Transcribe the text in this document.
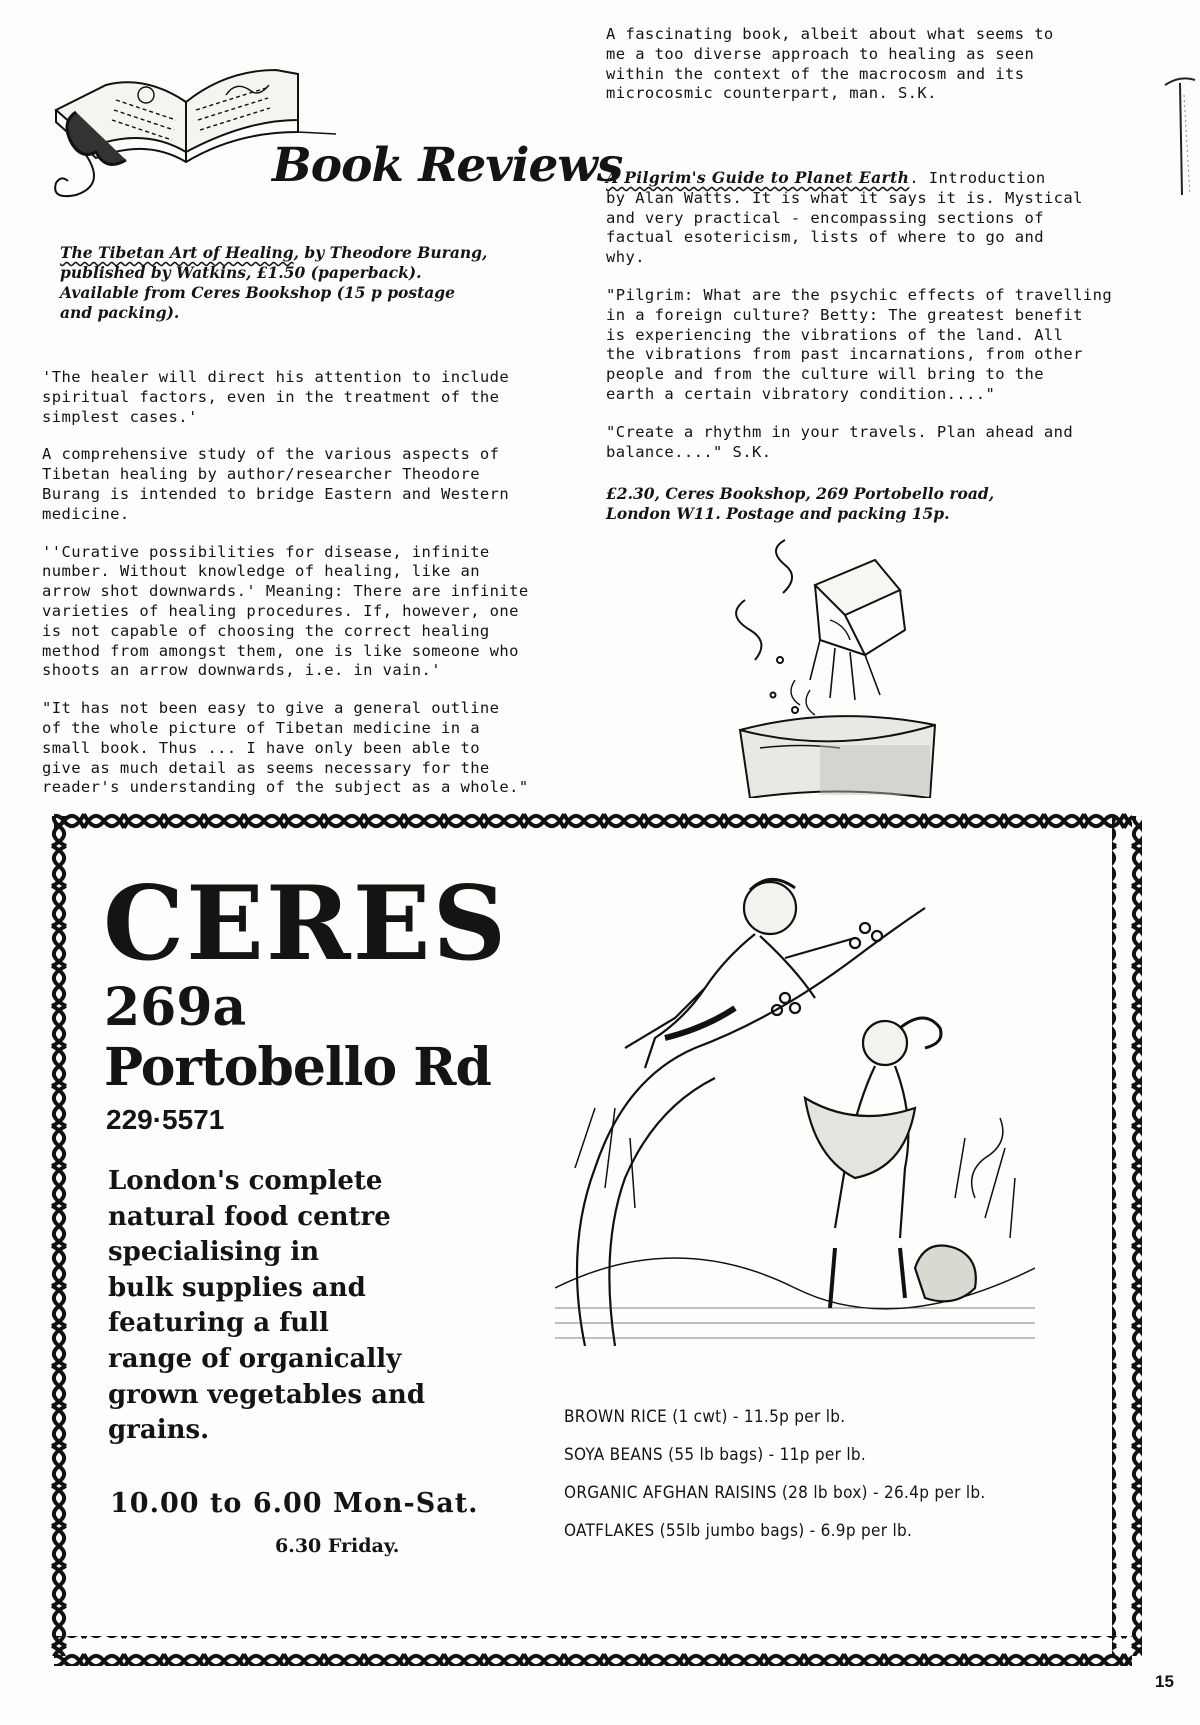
Book Reviews
The Tibetan Art of Healing, by Theodore Burang,
published by Watkins, £1.50 (paperback).
Available from Ceres Bookshop (15 p postage
and packing).

'The healer will direct his attention to include
spiritual factors, even in the treatment of the
simplest cases.'

A comprehensive study of the various aspects of
Tibetan healing by author/researcher Theodore
Burang is intended to bridge Eastern and Western
medicine.

''Curative possibilities for disease, infinite
number. Without knowledge of healing, like an
arrow shot downwards.' Meaning: There are infinite
varieties of healing procedures. If, however, one
is not capable of choosing the correct healing
method from amongst them, one is like someone who
shoots an arrow downwards, i.e. in vain.'

"It has not been easy to give a general outline
of the whole picture of Tibetan medicine in a
small book. Thus ... I have only been able to
give as much detail as seems necessary for the
reader's understanding of the subject as a whole."

A fascinating book, albeit about what seems to
me a too diverse approach to healing as seen
within the context of the macrocosm and its
microcosmic counterpart, man. S.K.

A Pilgrim's Guide to Planet Earth. Introduction

by Alan Watts. It is what it says it is. Mystical
and very practical - encompassing sections of
factual esotericism, lists of where to go and
why.

"Pilgrim: What are the psychic effects of travelling
in a foreign culture? Betty: The greatest benefit
is experiencing the vibrations of the land. All
the vibrations from past incarnations, from other
people and from the culture will bring to the
earth a certain vibratory condition...."

"Create a rhythm in your travels. Plan ahead and
balance...." S.K.

£2.30, Ceres Bookshop, 269 Portobello road,
London W11. Postage and packing 15p.

CERES
269a
Portobello Rd
229·5571

London's complete
natural food centre
specialising in
bulk supplies and
featuring a full
range of organically
grown vegetables and
grains.

10.00 to 6.00 Mon-Sat.
6.30 Friday.
BROWN RICE (1 cwt) - 11.5p per lb.
SOYA BEANS (55 lb bags) - 11p per lb.
ORGANIC AFGHAN RAISINS (28 lb box) - 26.4p per lb.
OATFLAKES (55lb jumbo bags) - 6.9p per lb.
15
